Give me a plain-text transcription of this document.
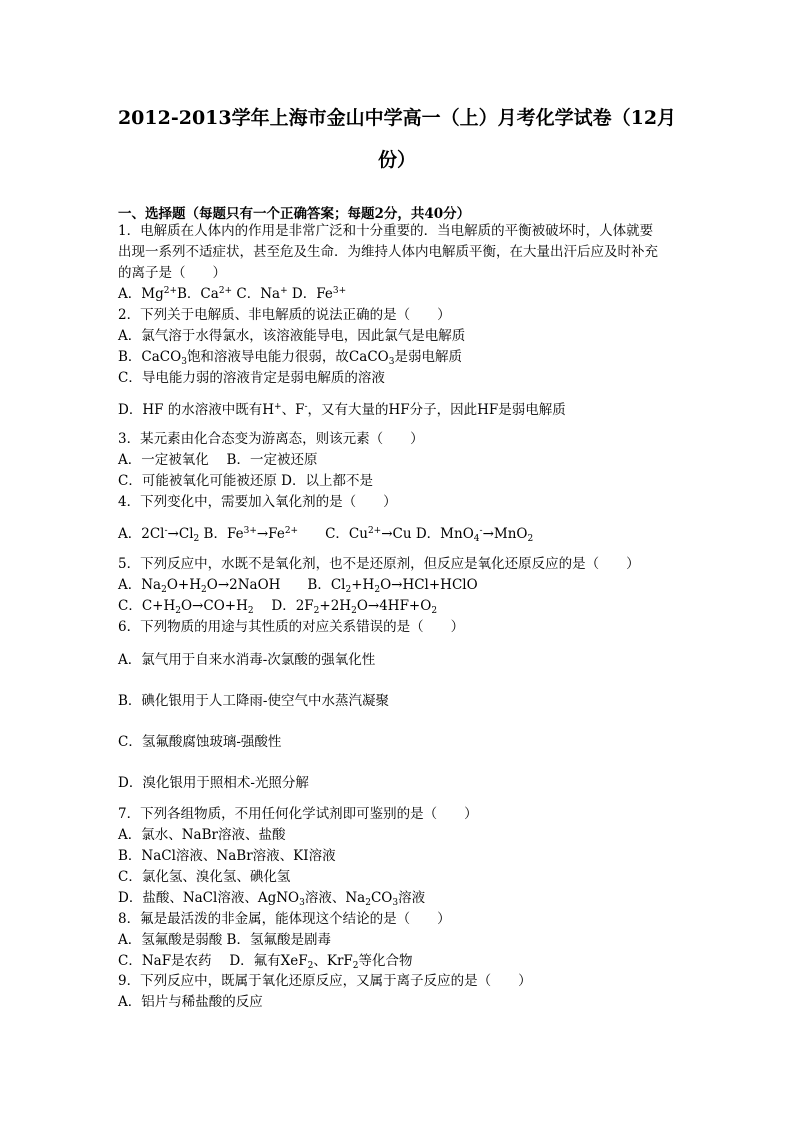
2012-2013学年上海市金山中学高一（上）月考化学试卷（12月
份）
一、选择题（每题只有一个正确答案；每题2分，共40分）
1．电解质在人体内的作用是非常广泛和十分重要的．当电解质的平衡被破坏时，人体就要
出现一系列不适症状，甚至危及生命．为维持人体内电解质平衡，在大量出汗后应及时补充
的离子是（　　）
A．$Mg^{2+}B$．$Ca^{2+}$ C．Na+ D．$Fe^{3+}$
2．下列关于电解质、非电解质的说法正确的是（　　）
A．氯气溶于水得氯水，该溶液能导电，因此氯气是电解质
B．CaCO$_3$饱和溶液导电能力很弱，故CaCO$_3$是弱电解质
C．导电能力弱的溶液肯定是弱电解质的溶液
D．HF 的水溶液中既有H+、F-，又有大量的HF分子，因此HF是弱电解质
3．某元素由化合态变为游离态，则该元素（　　）
A．一定被氧化　 B．一定被还原
C．可能被氧化可能被还原 D．以上都不是
4．下列变化中，需要加入氧化剂的是（　　）
A．$2Cl^-\to Cl_2$ B．$Fe^{3+}\to Fe^{2+}$　　C．$Cu^{2+}\to Cu$ D．MnO$_4$-→MnO$_2$
5．下列反应中，水既不是氧化剂，也不是还原剂，但反应是氧化还原反应的是（　　）
A．$Na_2O+H_2O\to 2NaOH$　　B．$Cl_2+H_2O\to HCl+HClO$
C．$C+H_2O\to CO+H_2$　 D．$2F_2+2H_2O\to 4HF+O_2$
6．下列物质的用途与其性质的对应关系错误的是（　　）
A．氯气用于自来水消毒-次氯酸的强氧化性
B．碘化银用于人工降雨-使空气中水蒸汽凝聚
C．氢氟酸腐蚀玻璃-强酸性
D．溴化银用于照相术-光照分解
7．下列各组物质，不用任何化学试剂即可鉴别的是（　　）
A．氯水、NaBr溶液、盐酸
B．NaCl溶液、NaBr溶液、KI溶液
C．氯化氢、溴化氢、碘化氢
D．盐酸、NaCl溶液、AgNO$_3$溶液、$Na_2CO_3$溶液
8．氟是最活泼的非金属，能体现这个结论的是（　　）
A．氢氟酸是弱酸 B．氢氟酸是剧毒
C．NaF是农药　 D．氟有XeF$_2$、KrF$_2$等化合物
9．下列反应中，既属于氧化还原反应，又属于离子反应的是（　　）
A．铝片与稀盐酸的反应
